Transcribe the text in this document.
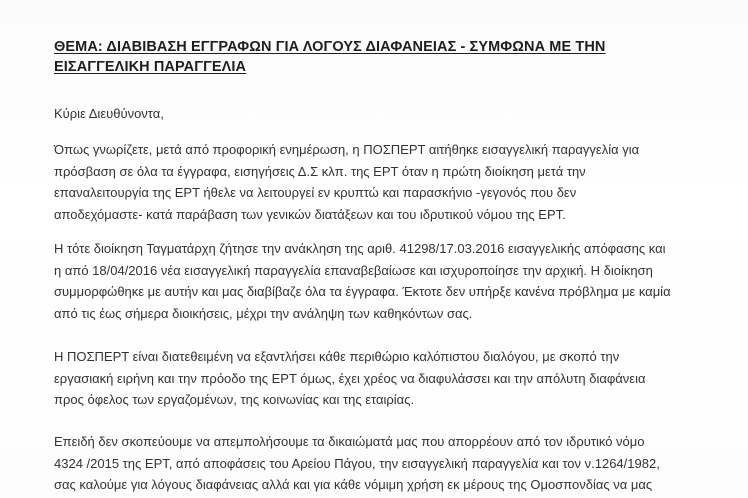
ΘΕΜΑ: ΔΙΑΒΙΒΑΣΗ ΕΓΓΡΑΦΩΝ ΓΙΑ ΛΟΓΟΥΣ ΔΙΑΦΑΝΕΙΑΣ - ΣΥΜΦΩΝΑ ΜΕ ΤΗΝ
ΕΙΣΑΓΓΕΛΙΚΗ ΠΑΡΑΓΓΕΛΙΑ
Κύριε Διευθύνοντα,
Όπως γνωρίζετε, μετά από προφορική ενημέρωση, η ΠΟΣΠΕΡΤ αιτήθηκε εισαγγελική παραγγελία για
πρόσβαση σε όλα τα έγγραφα, εισηγήσεις Δ.Σ κλπ. της ΕΡΤ όταν η πρώτη διοίκηση μετά την
επαναλειτουργία της ΕΡΤ ήθελε να λειτουργεί εν κρυπτώ και παρασκήνιο -γεγονός που δεν
αποδεχόμαστε- κατά παράβαση των γενικών διατάξεων και του ιδρυτικού νόμου της ΕΡΤ.
Η τότε διοίκηση Ταγματάρχη ζήτησε την ανάκληση της αριθ. 41298/17.03.2016 εισαγγελικής απόφασης και
η από 18/04/2016 νέα εισαγγελική παραγγελία επαναβεβαίωσε και ισχυροποίησε την αρχική. Η διοίκηση
συμμορφώθηκε με αυτήν και μας διαβίβαζε όλα τα έγγραφα. Έκτοτε δεν υπήρξε κανένα πρόβλημα με καμία
από τις έως σήμερα διοικήσεις, μέχρι την ανάληψη των καθηκόντων σας.
Η ΠΟΣΠΕΡΤ είναι διατεθειμένη να εξαντλήσει κάθε περιθώριο καλόπιστου διαλόγου, με σκοπό την
εργασιακή ειρήνη και την πρόοδο της ΕΡΤ όμως, έχει χρέος να διαφυλάσσει και την απόλυτη διαφάνεια
προς όφελος των εργαζομένων, της κοινωνίας και της εταιρίας.
Επειδή δεν σκοπεύουμε να απεμπολήσουμε τα δικαιώματά μας που απορρέουν από τον ιδρυτικό νόμο
4324 /2015 της ΕΡΤ, από αποφάσεις του Αρείου Πάγου, την εισαγγελική παραγγελία και τον ν.1264/1982,
σας καλούμε για λόγους διαφάνειας αλλά και για κάθε νόμιμη χρήση εκ μέρους της Ομοσπονδίας να μας
